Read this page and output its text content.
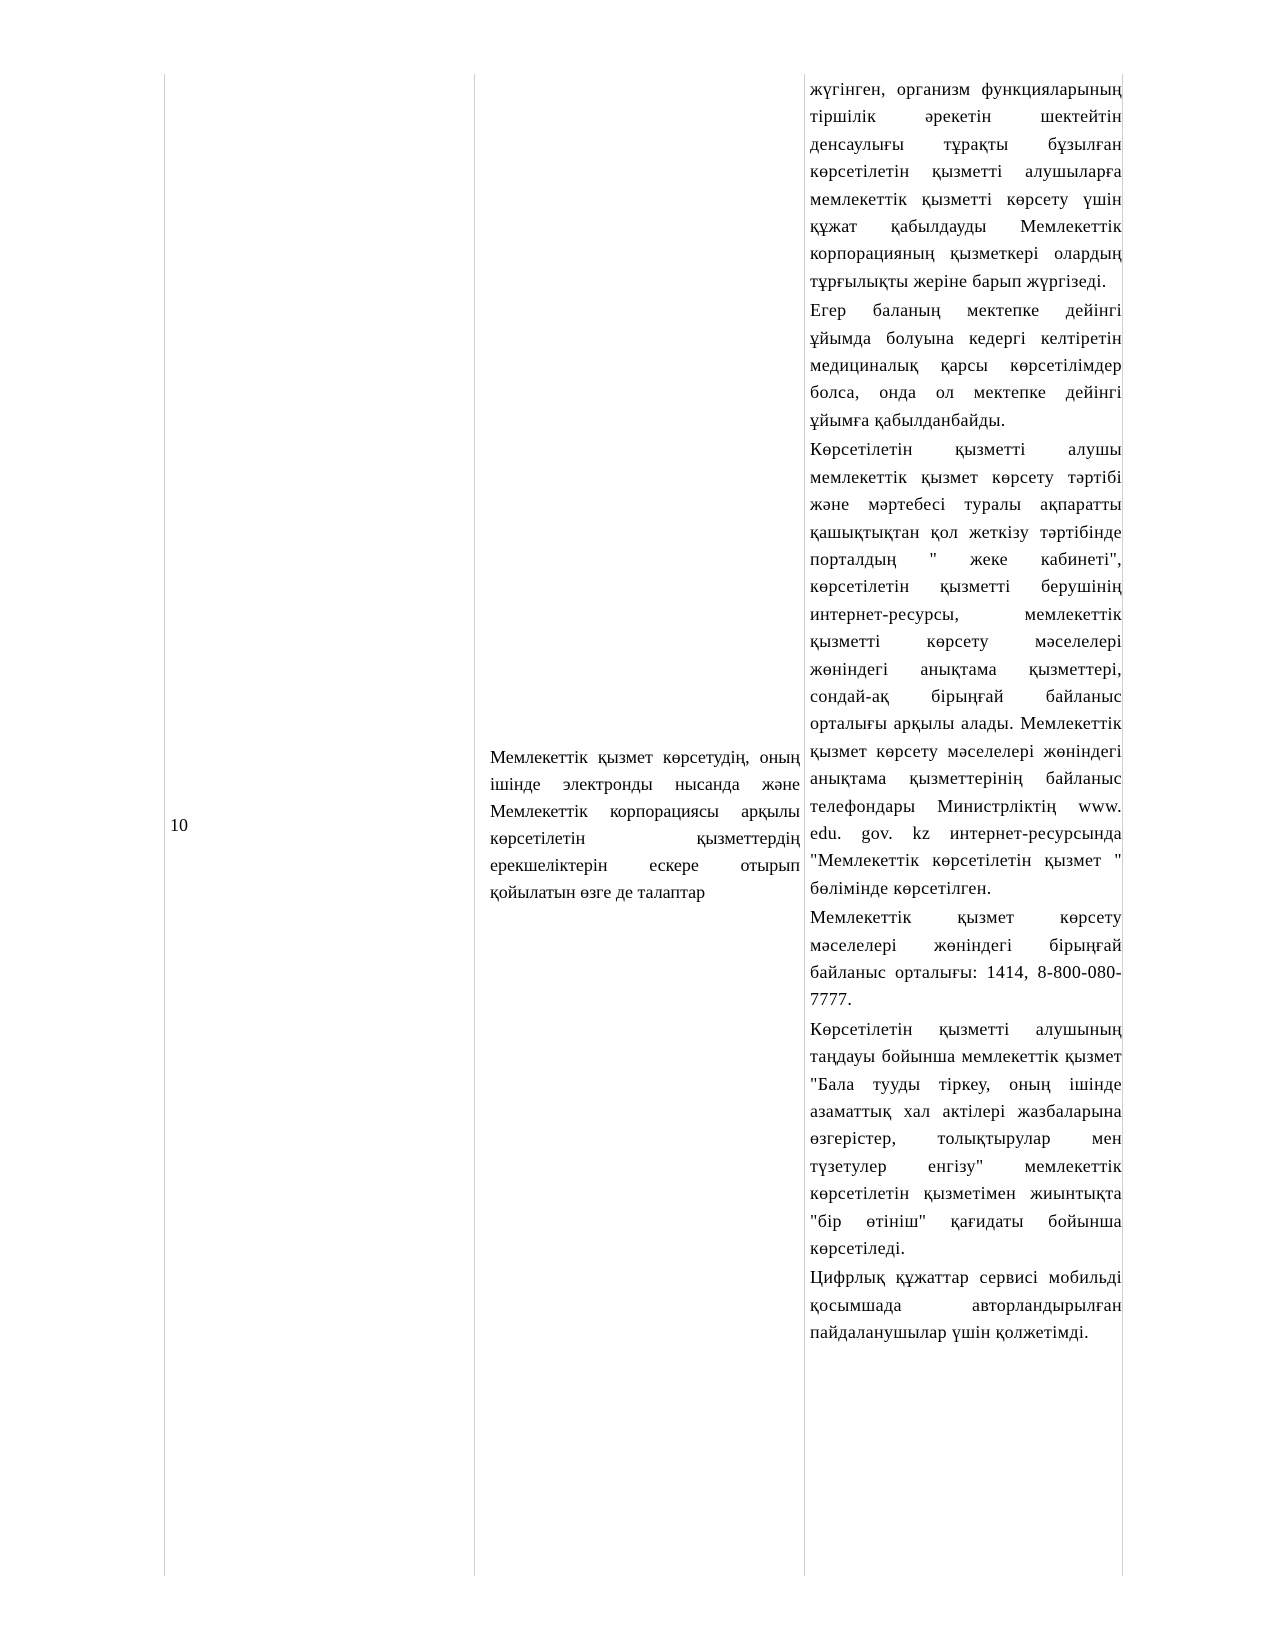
10
Мемлекеттік қызмет көрсетудің, оның ішінде электронды нысанда және Мемлекеттік корпорациясы арқылы көрсетілетін қызметтердің ерекшеліктерін ескере отырып қойылатын өзге де талаптар

жүгінген, организм функцияларының тіршілік әрекетін шектейтін денсаулығы тұрақты бұзылған көрсетілетін қызметті алушыларға мемлекеттік қызметті көрсету үшін құжат қабылдауды Мемлекеттік корпорацияның қызметкері олардың тұрғылықты жеріне барып жүргізеді.

Егер баланың мектепке дейінгі ұйымда болуына кедергі келтіретін медициналық қарсы көрсетілімдер болса, онда ол мектепке дейінгі ұйымға қабылданбайды.

Көрсетілетін қызметті алушы мемлекеттік қызмет көрсету тәртібі және мәртебесі туралы ақпаратты қашықтықтан қол жеткізу тәртібінде порталдың " жеке кабинеті", көрсетілетін қызметті берушінің интернет-ресурсы, мемлекеттік қызметті көрсету мәселелері жөніндегі анықтама қызметтері, сондай-ақ бірыңғай байланыс орталығы арқылы алады. Мемлекеттік қызмет көрсету мәселелері жөніндегі анықтама қызметтерінің байланыс телефондары Министрліктің www. edu. gov. kz интернет-ресурсында "Мемлекеттік көрсетілетін қызмет " бөлімінде көрсетілген.

Мемлекеттік қызмет көрсету мәселелері жөніндегі бірыңғай байланыс орталығы: 1414, 8-800-080-7777.

Көрсетілетін қызметті алушының таңдауы бойынша мемлекеттік қызмет "Бала тууды тіркеу, оның ішінде азаматтық хал актілері жазбаларына өзгерістер, толықтырулар мен түзетулер енгізу" мемлекеттік көрсетілетін қызметімен жиынтықта "бір өтініш" қағидаты бойынша көрсетіледі.

Цифрлық құжаттар сервисі мобильді қосымшада авторландырылған пайдаланушылар үшін қолжетімді.
